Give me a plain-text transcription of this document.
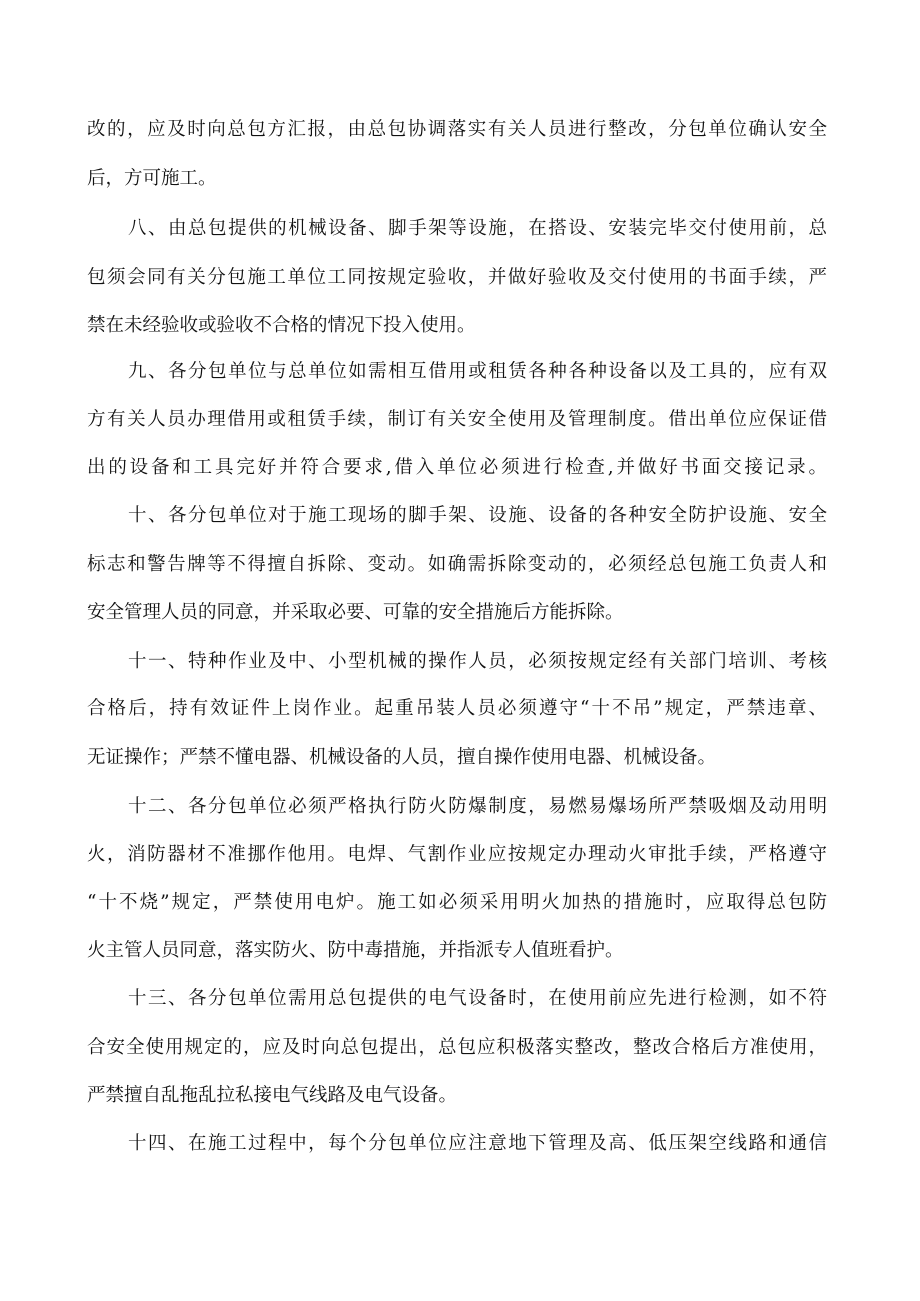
改的，应及时向总包方汇报，由总包协调落实有关人员进行整改，分包单位确认安全
后，方可施工。
八、由总包提供的机械设备、脚手架等设施，在搭设、安装完毕交付使用前，总
包须会同有关分包施工单位工同按规定验收，并做好验收及交付使用的书面手续，严
禁在未经验收或验收不合格的情况下投入使用。
九、各分包单位与总单位如需相互借用或租赁各种各种设备以及工具的，应有双
方有关人员办理借用或租赁手续，制订有关安全使用及管理制度。借出单位应保证借
出的设备和工具完好并符合要求,借入单位必须进行检查,并做好书面交接记录。
十、各分包单位对于施工现场的脚手架、设施、设备的各种安全防护设施、安全
标志和警告牌等不得擅自拆除、变动。如确需拆除变动的，必须经总包施工负责人和
安全管理人员的同意，并采取必要、可靠的安全措施后方能拆除。
十一、特种作业及中、小型机械的操作人员，必须按规定经有关部门培训、考核
合格后，持有效证件上岗作业。起重吊装人员必须遵守“十不吊”规定，严禁违章、
无证操作；严禁不懂电器、机械设备的人员，擅自操作使用电器、机械设备。
十二、各分包单位必须严格执行防火防爆制度，易燃易爆场所严禁吸烟及动用明
火，消防器材不准挪作他用。电焊、气割作业应按规定办理动火审批手续，严格遵守
“十不烧”规定，严禁使用电炉。施工如必须采用明火加热的措施时，应取得总包防
火主管人员同意，落实防火、防中毒措施，并指派专人值班看护。
十三、各分包单位需用总包提供的电气设备时，在使用前应先进行检测，如不符
合安全使用规定的，应及时向总包提出，总包应积极落实整改，整改合格后方准使用，
严禁擅自乱拖乱拉私接电气线路及电气设备。
十四、在施工过程中，每个分包单位应注意地下管理及高、低压架空线路和通信
